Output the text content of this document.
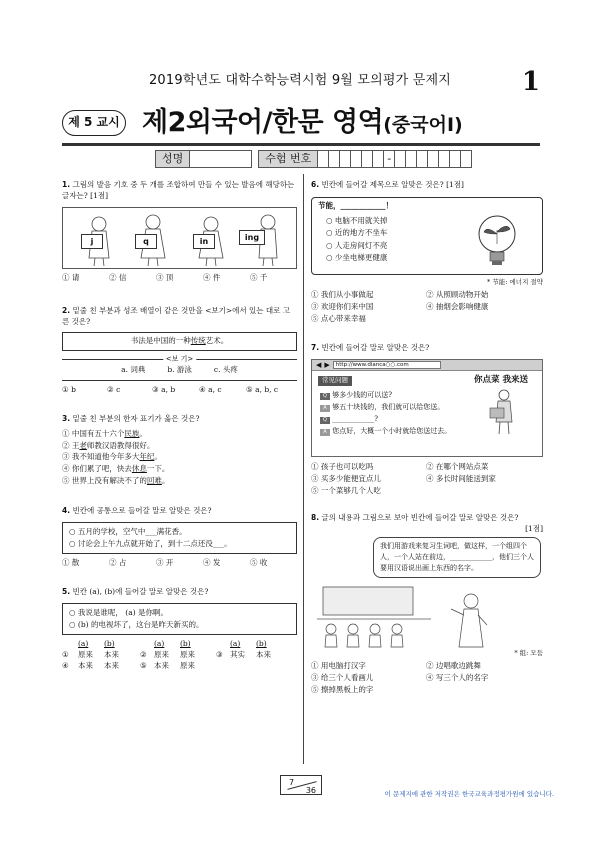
2019학년도 대학수학능력시험 9월 모의평가 문제지	1
제 5 교시 제2외국어/한문 영역(중국어Ⅰ)
성명	수험 번호	-
1. 그림의 발음 기호 중 두 개를 조합하여 만들 수 있는 발음에 해당하는 글자는? [1점]
j	q	in	ing
① 请	② 信	③ 顶	④ 件	⑤ 千
2. 밑줄 친 부분과 성조 배열이 같은 것만을 <보기>에서 있는 대로 고른 것은?
书法是中国的一种传统艺术。
<보 기>
a. 词典	b. 游泳	c. 头疼
① b	② c	③ a, b	④ a, c	⑤ a, b, c
3. 밑줄 친 부분의 한자 표기가 옳은 것은?
① 中国有五十六个民族。
② 王老师教汉语教得很好。
③ 我不知道他今年多大年纪。
④ 你们累了吧，快去休息一下。
⑤ 世界上没有解决不了的回难。
4. 빈칸에 공통으로 들어갈 말로 알맞은 것은?
○ 五月的学校，空气中___满花香。
○ 讨论会上午九点就开始了，到十二点还没___。
① 散	② 占	③ 开	④ 发	⑤ 收
5. 빈칸 (a), (b)에 들어갈 말로 알맞은 것은?
○ 我说是谁呢， (a) 是你啊。
○ (b) 的电视坏了，这台是昨天新买的。
(a)	(b)	(a)	(b)	(a)	(b)
①	原来	本来	② 原来	原来	③ 其实	本来
④	本来	本来	⑤ 本来	原来
6. 빈칸에 들어갈 제목으로 알맞은 것은? [1점]
节能，____________！
○ 电脑不用就关掉
○ 近的地方不坐车
○ 人走房间灯不亮
○ 少坐电梯更健康
* 节能: 에너지 절약
① 我们从小事做起	② 从照顾动物开始
③ 欢迎你们来中国	④ 抽烟会影响健康
⑤ 点心带来幸福
7. 빈칸에 들어갈 말로 알맞은 것은?
◀ ▶	http://www.dianca○○.com
常见问题	你点菜 我来送
Q 够多少钱的可以送?
A 够五十块钱的，我们就可以给您送。
Q ____________?
A 您点好，大概一个小时就给您送过去。
① 孩子也可以吃吗	② 在哪个网站点菜
③ 买多少能便宜点儿	④ 多长时间能送到家
⑤ 一个菜够几个人吃
8. 글의 내용과 그림으로 보아 빈칸에 들어갈 말로 알맞은 것은?
[1점]
我们用游戏来复习生词吧，做这样，一个组四个人，一个人站在前边，____________，他们三个人要用汉语说出画上东西的名字。
* 组: 모둠
① 用电脑打汉字	② 边唱歌边跳舞
③ 给三个人看画儿	④ 写三个人的名字
⑤ 擦掉黑板上的字
7
36	이 문제지에 관한 저작권은 한국교육과정평가원에 있습니다.
